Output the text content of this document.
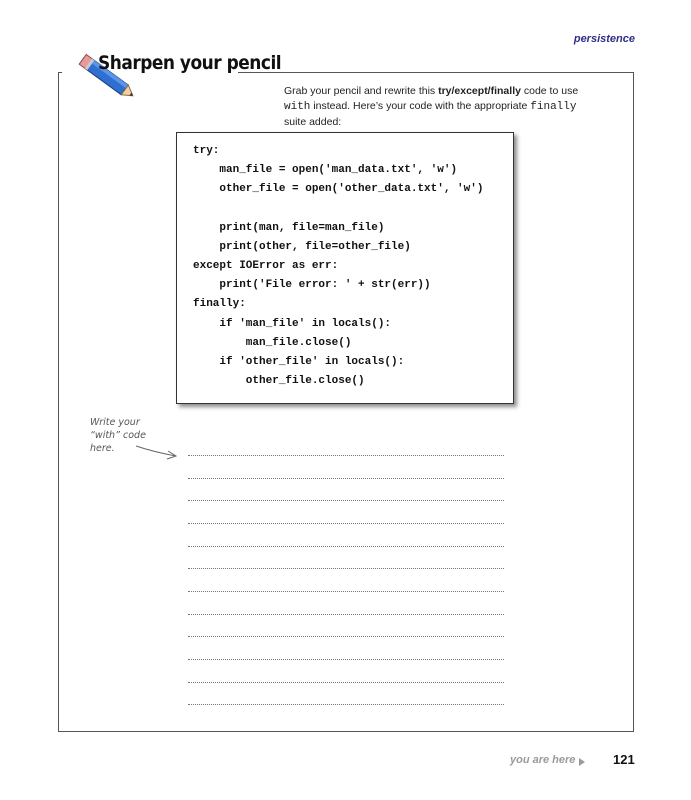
persistence
Sharpen your pencil
Grab your pencil and rewrite this try/except/finally code to use with instead. Here’s your code with the appropriate finally suite added:
try:
man_file = open('man_data.txt', 'w')
other_file = open('other_data.txt', 'w')
print(man, file=man_file)
print(other, file=other_file)
except IOError as err:
print('File error: ' + str(err))
finally:
if 'man_file' in locals():
man_file.close()
if 'other_file' in locals():
other_file.close()
Write your
“with” code
here.
you are here	121
